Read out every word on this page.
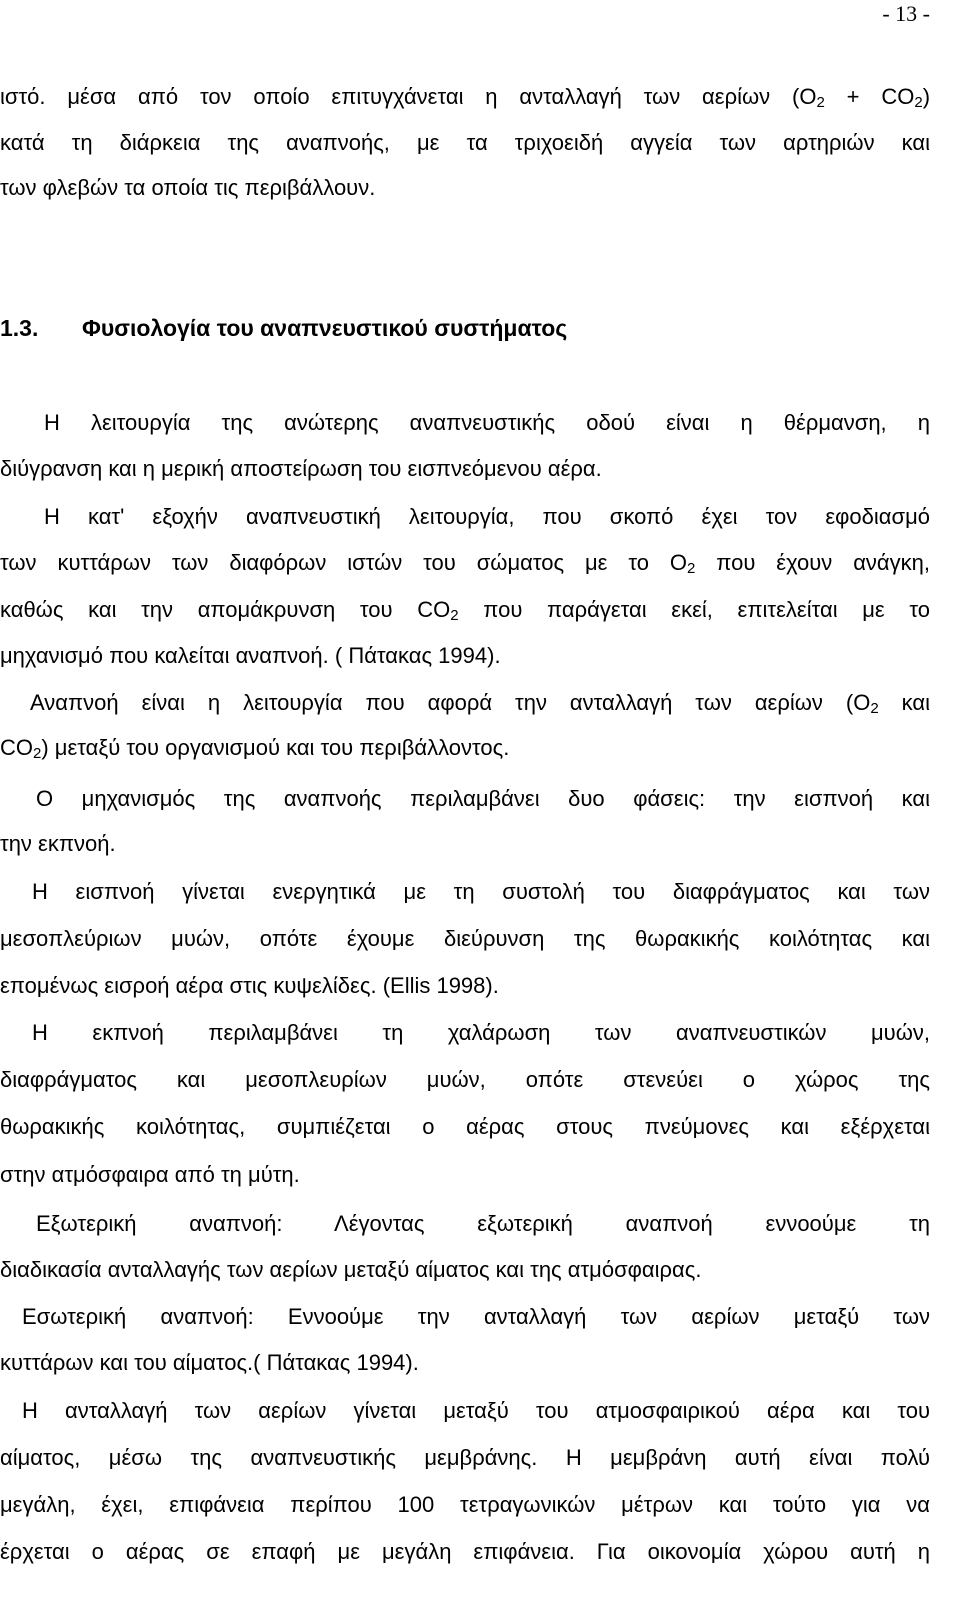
- 13 -
ιστό. μέσα από τον οποίο επιτυγχάνεται η ανταλλαγή των αερίων $(O_2 + CO_2)$
κατά τη διάρκεια της αναπνοής, με τα τριχοειδή αγγεία των αρτηριών και
των φλεβών τα οποία τις περιβάλλουν.
1.3. Φυσιολογία του αναπνευστικού συστήματος
Η λειτουργία της ανώτερης αναπνευστικής οδού είναι η θέρμανση, η
διύγρανση και η μερική αποστείρωση του εισπνεόμενου αέρα.
Η κατ' εξοχήν αναπνευστική λειτουργία, που σκοπό έχει τον εφοδιασμό
των κυττάρων των διαφόρων ιστών του σώματος με το $O_2$ που έχουν ανάγκη,
καθώς και την απομάκρυνση του $CO_2$ που παράγεται εκεί, επιτελείται με το
μηχανισμό που καλείται αναπνοή. ( Πάτακας 1994).
Αναπνοή είναι η λειτουργία που αφορά την ανταλλαγή των αερίων ($O_2$ και
$CO_2$) μεταξύ του οργανισμού και του περιβάλλοντος.
Ο μηχανισμός της αναπνοής περιλαμβάνει δυο φάσεις: την εισπνοή και
την εκπνοή.
Η εισπνοή γίνεται ενεργητικά με τη συστολή του διαφράγματος και των
μεσοπλεύριων μυών, οπότε έχουμε διεύρυνση της θωρακικής κοιλότητας και
επομένως εισροή αέρα στις κυψελίδες. (Ellis 1998).
Η εκπνοή περιλαμβάνει τη χαλάρωση των αναπνευστικών μυών,
διαφράγματος και μεσοπλευρίων μυών, οπότε στενεύει ο χώρος της
θωρακικής κοιλότητας, συμπιέζεται ο αέρας στους πνεύμονες και εξέρχεται
στην ατμόσφαιρα από τη μύτη.
Εξωτερική αναπνοή: Λέγοντας εξωτερική αναπνοή εννοούμε τη
διαδικασία ανταλλαγής των αερίων μεταξύ αίματος και της ατμόσφαιρας.
Εσωτερική αναπνοή: Εννοούμε την ανταλλαγή των αερίων μεταξύ των
κυττάρων και του αίματος.( Πάτακας 1994).
Η ανταλλαγή των αερίων γίνεται μεταξύ του ατμοσφαιρικού αέρα και του
αίματος, μέσω της αναπνευστικής μεμβράνης. Η μεμβράνη αυτή είναι πολύ
μεγάλη, έχει, επιφάνεια περίπου 100 τετραγωνικών μέτρων και τούτο για να
έρχεται ο αέρας σε επαφή με μεγάλη επιφάνεια. Για οικονομία χώρου αυτή η
